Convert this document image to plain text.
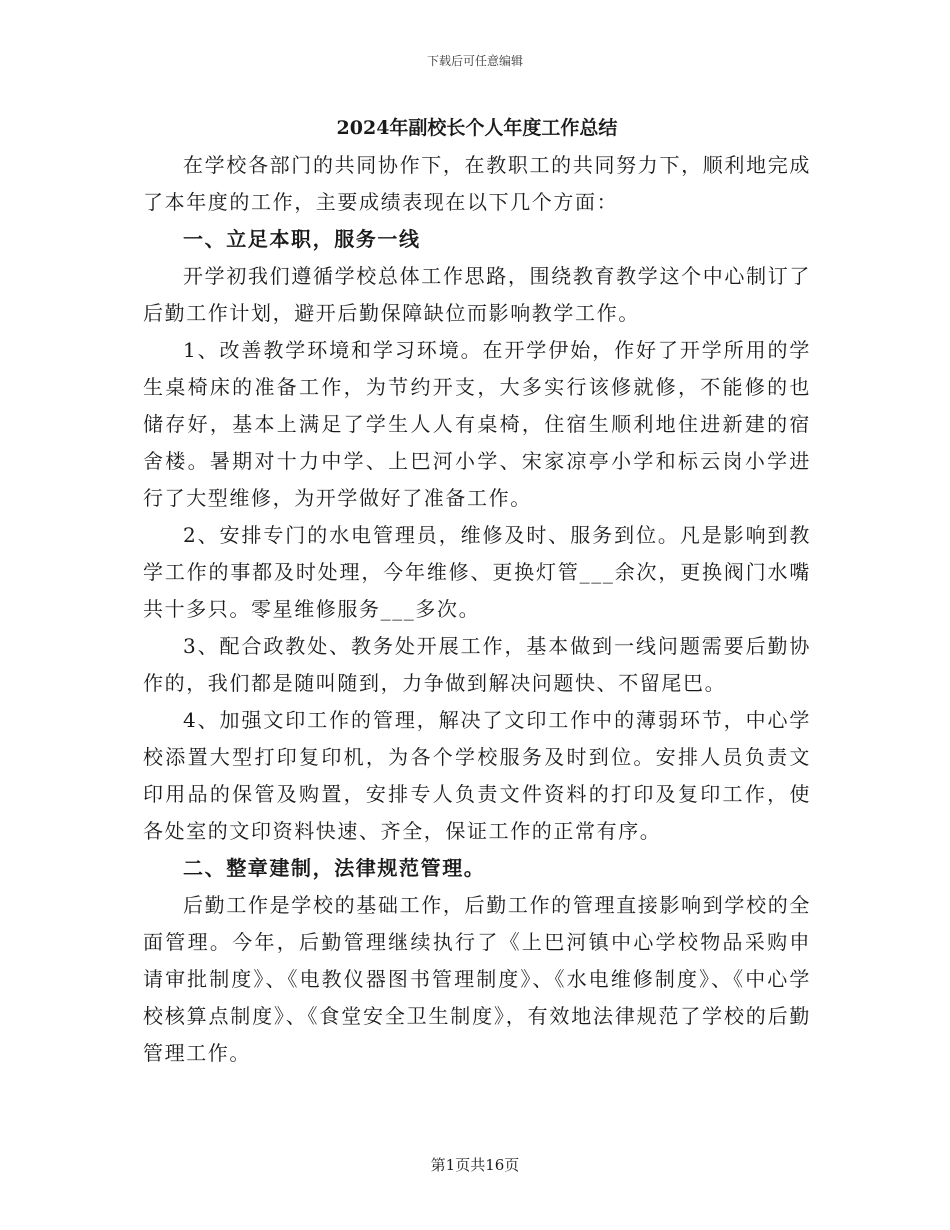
下载后可任意编辑
2024年副校长个人年度工作总结

在学校各部门的共同协作下，在教职工的共同努力下，顺利地完成了本年度的工作，主要成绩表现在以下几个方面：

一、立足本职，服务一线

开学初我们遵循学校总体工作思路，围绕教育教学这个中心制订了后勤工作计划，避开后勤保障缺位而影响教学工作。

1、改善教学环境和学习环境。在开学伊始，作好了开学所用的学生桌椅床的准备工作，为节约开支，大多实行该修就修，不能修的也储存好，基本上满足了学生人人有桌椅，住宿生顺利地住进新建的宿舍楼。暑期对十力中学、上巴河小学、宋家凉亭小学和标云岗小学进行了大型维修，为开学做好了准备工作。

2、安排专门的水电管理员，维修及时、服务到位。凡是影响到教学工作的事都及时处理，今年维修、更换灯管___余次，更换阀门水嘴共十多只。零星维修服务___多次。

3、配合政教处、教务处开展工作，基本做到一线问题需要后勤协作的，我们都是随叫随到，力争做到解决问题快、不留尾巴。

4、加强文印工作的管理，解决了文印工作中的薄弱环节，中心学校添置大型打印复印机，为各个学校服务及时到位。安排人员负责文印用品的保管及购置，安排专人负责文件资料的打印及复印工作，使各处室的文印资料快速、齐全，保证工作的正常有序。

二、整章建制，法律规范管理。

后勤工作是学校的基础工作，后勤工作的管理直接影响到学校的全面管理。今年，后勤管理继续执行了《上巴河镇中心学校物品采购申请审批制度》、《电教仪器图书管理制度》、《水电维修制度》、《中心学校核算点制度》、《食堂安全卫生制度》，有效地法律规范了学校的后勤管理工作。

第1页共16页
